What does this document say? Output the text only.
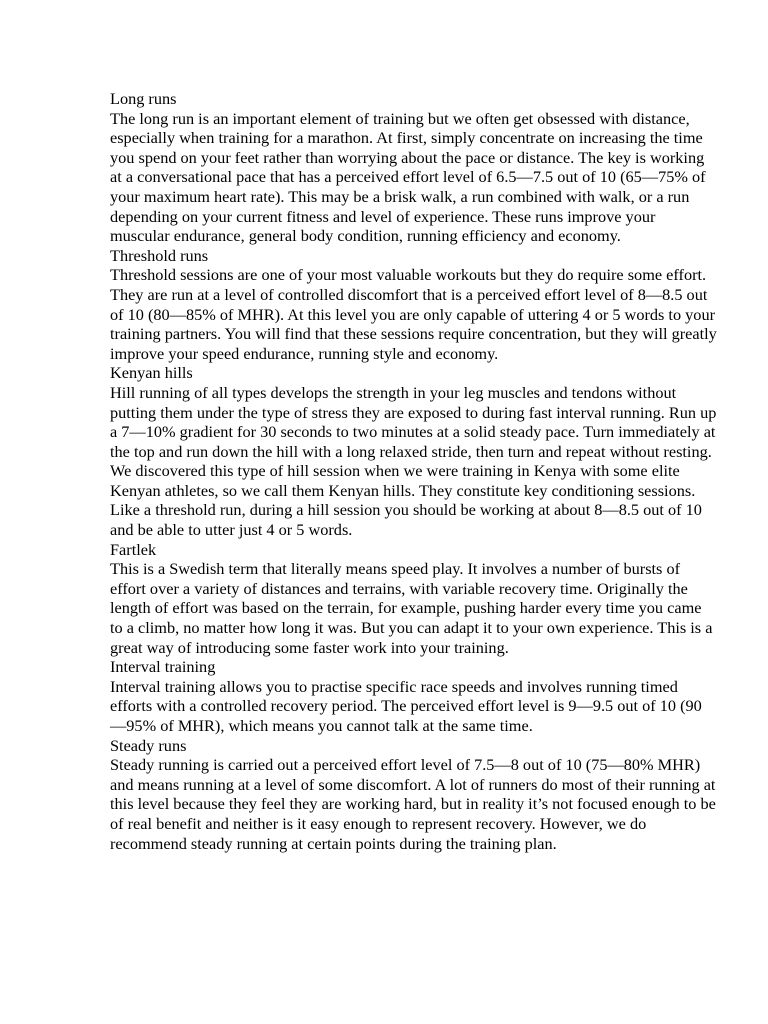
Long runs

The long run is an important element of training but we often get obsessed with distance, especially when training for a marathon. At first, simply concentrate on increasing the time you spend on your feet rather than worrying about the pace or distance. The key is working at a conversational pace that has a perceived effort level of 6.5—7.5 out of 10 (65—75% of your maximum heart rate). This may be a brisk walk, a run combined with walk, or a run depending on your current fitness and level of experience. These runs improve your muscular endurance, general body condition, running efficiency and economy.

Threshold runs

Threshold sessions are one of your most valuable workouts but they do require some effort. They are run at a level of controlled discomfort that is a perceived effort level of 8—8.5 out of 10 (80—85% of MHR). At this level you are only capable of uttering 4 or 5 words to your training partners. You will find that these sessions require concentration, but they will greatly improve your speed endurance, running style and economy.

Kenyan hills

Hill running of all types develops the strength in your leg muscles and tendons without putting them under the type of stress they are exposed to during fast interval running. Run up a 7—10% gradient for 30 seconds to two minutes at a solid steady pace. Turn immediately at the top and run down the hill with a long relaxed stride, then turn and repeat without resting. We discovered this type of hill session when we were training in Kenya with some elite Kenyan athletes, so we call them Kenyan hills. They constitute key conditioning sessions. Like a threshold run, during a hill session you should be working at about 8—8.5 out of 10 and be able to utter just 4 or 5 words.

Fartlek

This is a Swedish term that literally means speed play. It involves a number of bursts of effort over a variety of distances and terrains, with variable recovery time. Originally the length of effort was based on the terrain, for example, pushing harder every time you came to a climb, no matter how long it was. But you can adapt it to your own experience. This is a great way of introducing some faster work into your training.

Interval training

Interval training allows you to practise specific race speeds and involves running timed efforts with a controlled recovery period. The perceived effort level is 9—9.5 out of 10 (90—95% of MHR), which means you cannot talk at the same time.

Steady runs

Steady running is carried out a perceived effort level of 7.5—8 out of 10 (75—80% MHR) and means running at a level of some discomfort. A lot of runners do most of their running at this level because they feel they are working hard, but in reality it’s not focused enough to be of real benefit and neither is it easy enough to represent recovery. However, we do recommend steady running at certain points during the training plan.
